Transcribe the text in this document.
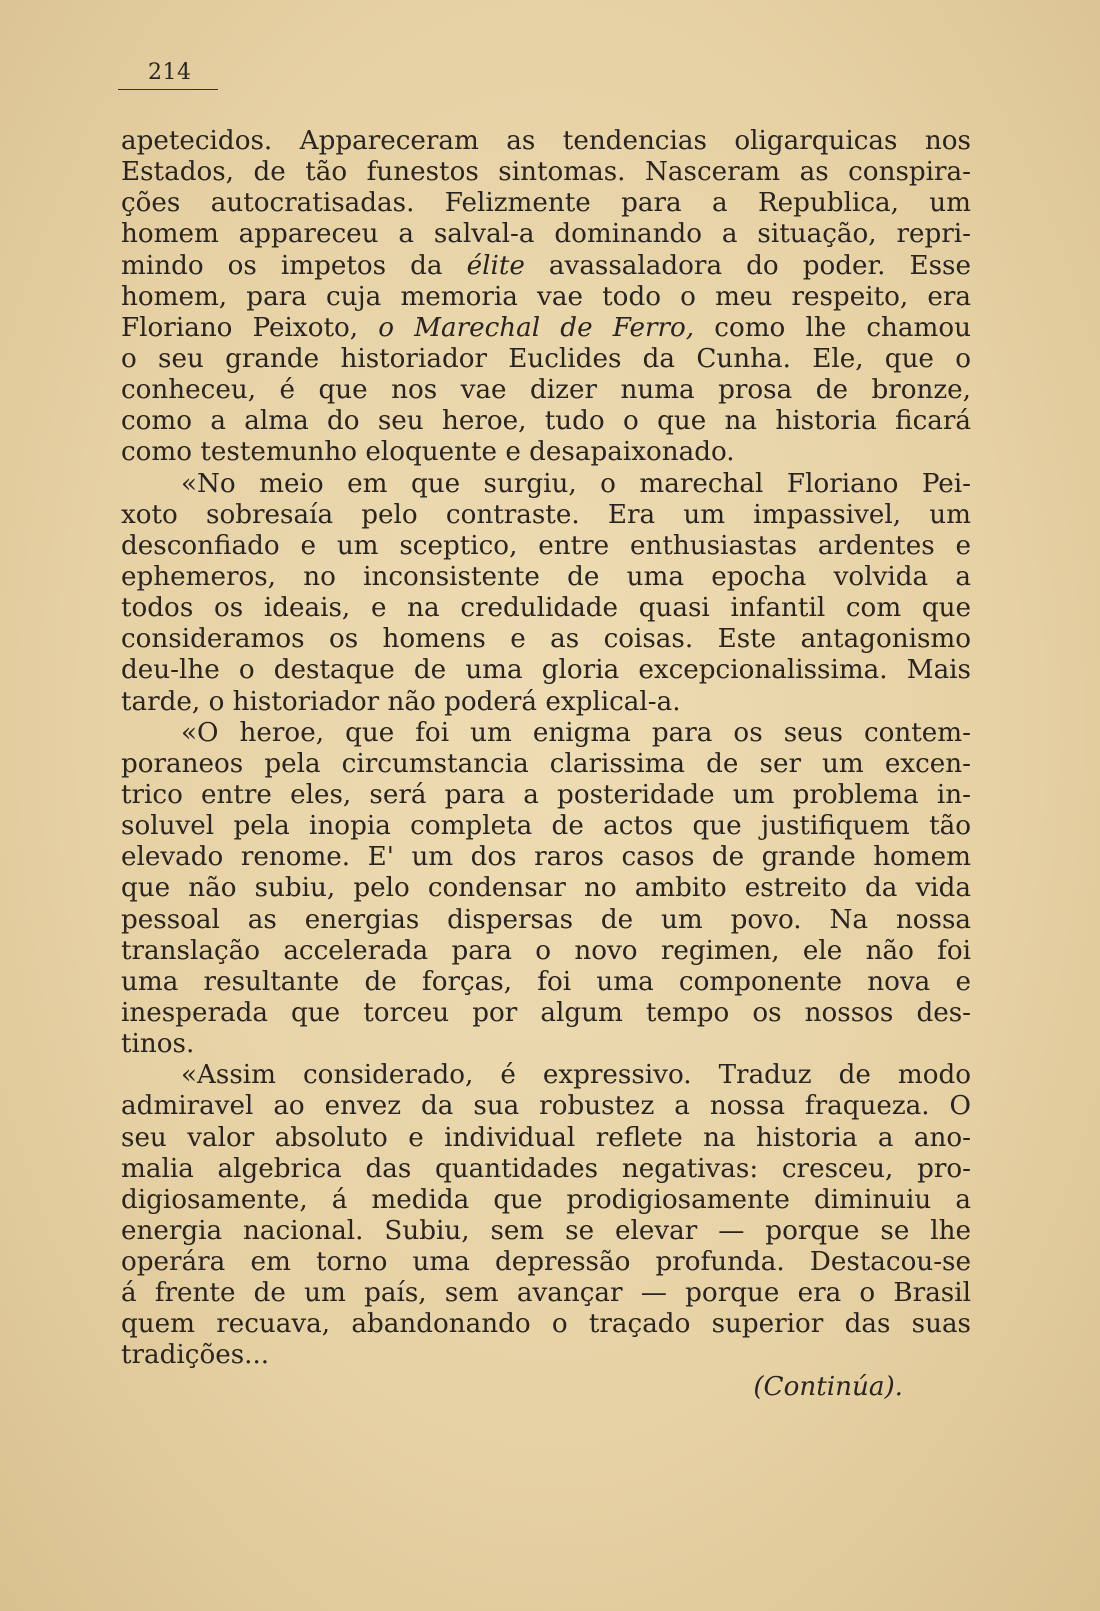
214
apetecidos. Appareceram as tendencias oligarquicas nos
Estados, de tão funestos sintomas. Nasceram as conspira-
ções autocratisadas. Felizmente para a Republica, um
homem appareceu a salval-a dominando a situação, repri-
mindo os impetos da élite avassaladora do poder. Esse
homem, para cuja memoria vae todo o meu respeito, era
Floriano Peixoto, o Marechal de Ferro, como lhe chamou
o seu grande historiador Euclides da Cunha. Ele, que o
conheceu, é que nos vae dizer numa prosa de bronze,
como a alma do seu heroe, tudo o que na historia ficará
como testemunho eloquente e desapaixonado.
«No meio em que surgiu, o marechal Floriano Pei-
xoto sobresaía pelo contraste. Era um impassivel, um
desconfiado e um sceptico, entre enthusiastas ardentes e
ephemeros, no inconsistente de uma epocha volvida a
todos os ideais, e na credulidade quasi infantil com que
consideramos os homens e as coisas. Este antagonismo
deu-lhe o destaque de uma gloria excepcionalissima. Mais
tarde, o historiador não poderá explical-a.
«O heroe, que foi um enigma para os seus contem-
poraneos pela circumstancia clarissima de ser um excen-
trico entre eles, será para a posteridade um problema in-
soluvel pela inopia completa de actos que justifiquem tão
elevado renome. E' um dos raros casos de grande homem
que não subiu, pelo condensar no ambito estreito da vida
pessoal as energias dispersas de um povo. Na nossa
translação accelerada para o novo regimen, ele não foi
uma resultante de forças, foi uma componente nova e
inesperada que torceu por algum tempo os nossos des-
tinos.
«Assim considerado, é expressivo. Traduz de modo
admiravel ao envez da sua robustez a nossa fraqueza. O
seu valor absoluto e individual reflete na historia a ano-
malia algebrica das quantidades negativas: cresceu, pro-
digiosamente, á medida que prodigiosamente diminuiu a
energia nacional. Subiu, sem se elevar — porque se lhe
operára em torno uma depressão profunda. Destacou-se
á frente de um país, sem avançar — porque era o Brasil
quem recuava, abandonando o traçado superior das suas
tradições...
(Continúa).
